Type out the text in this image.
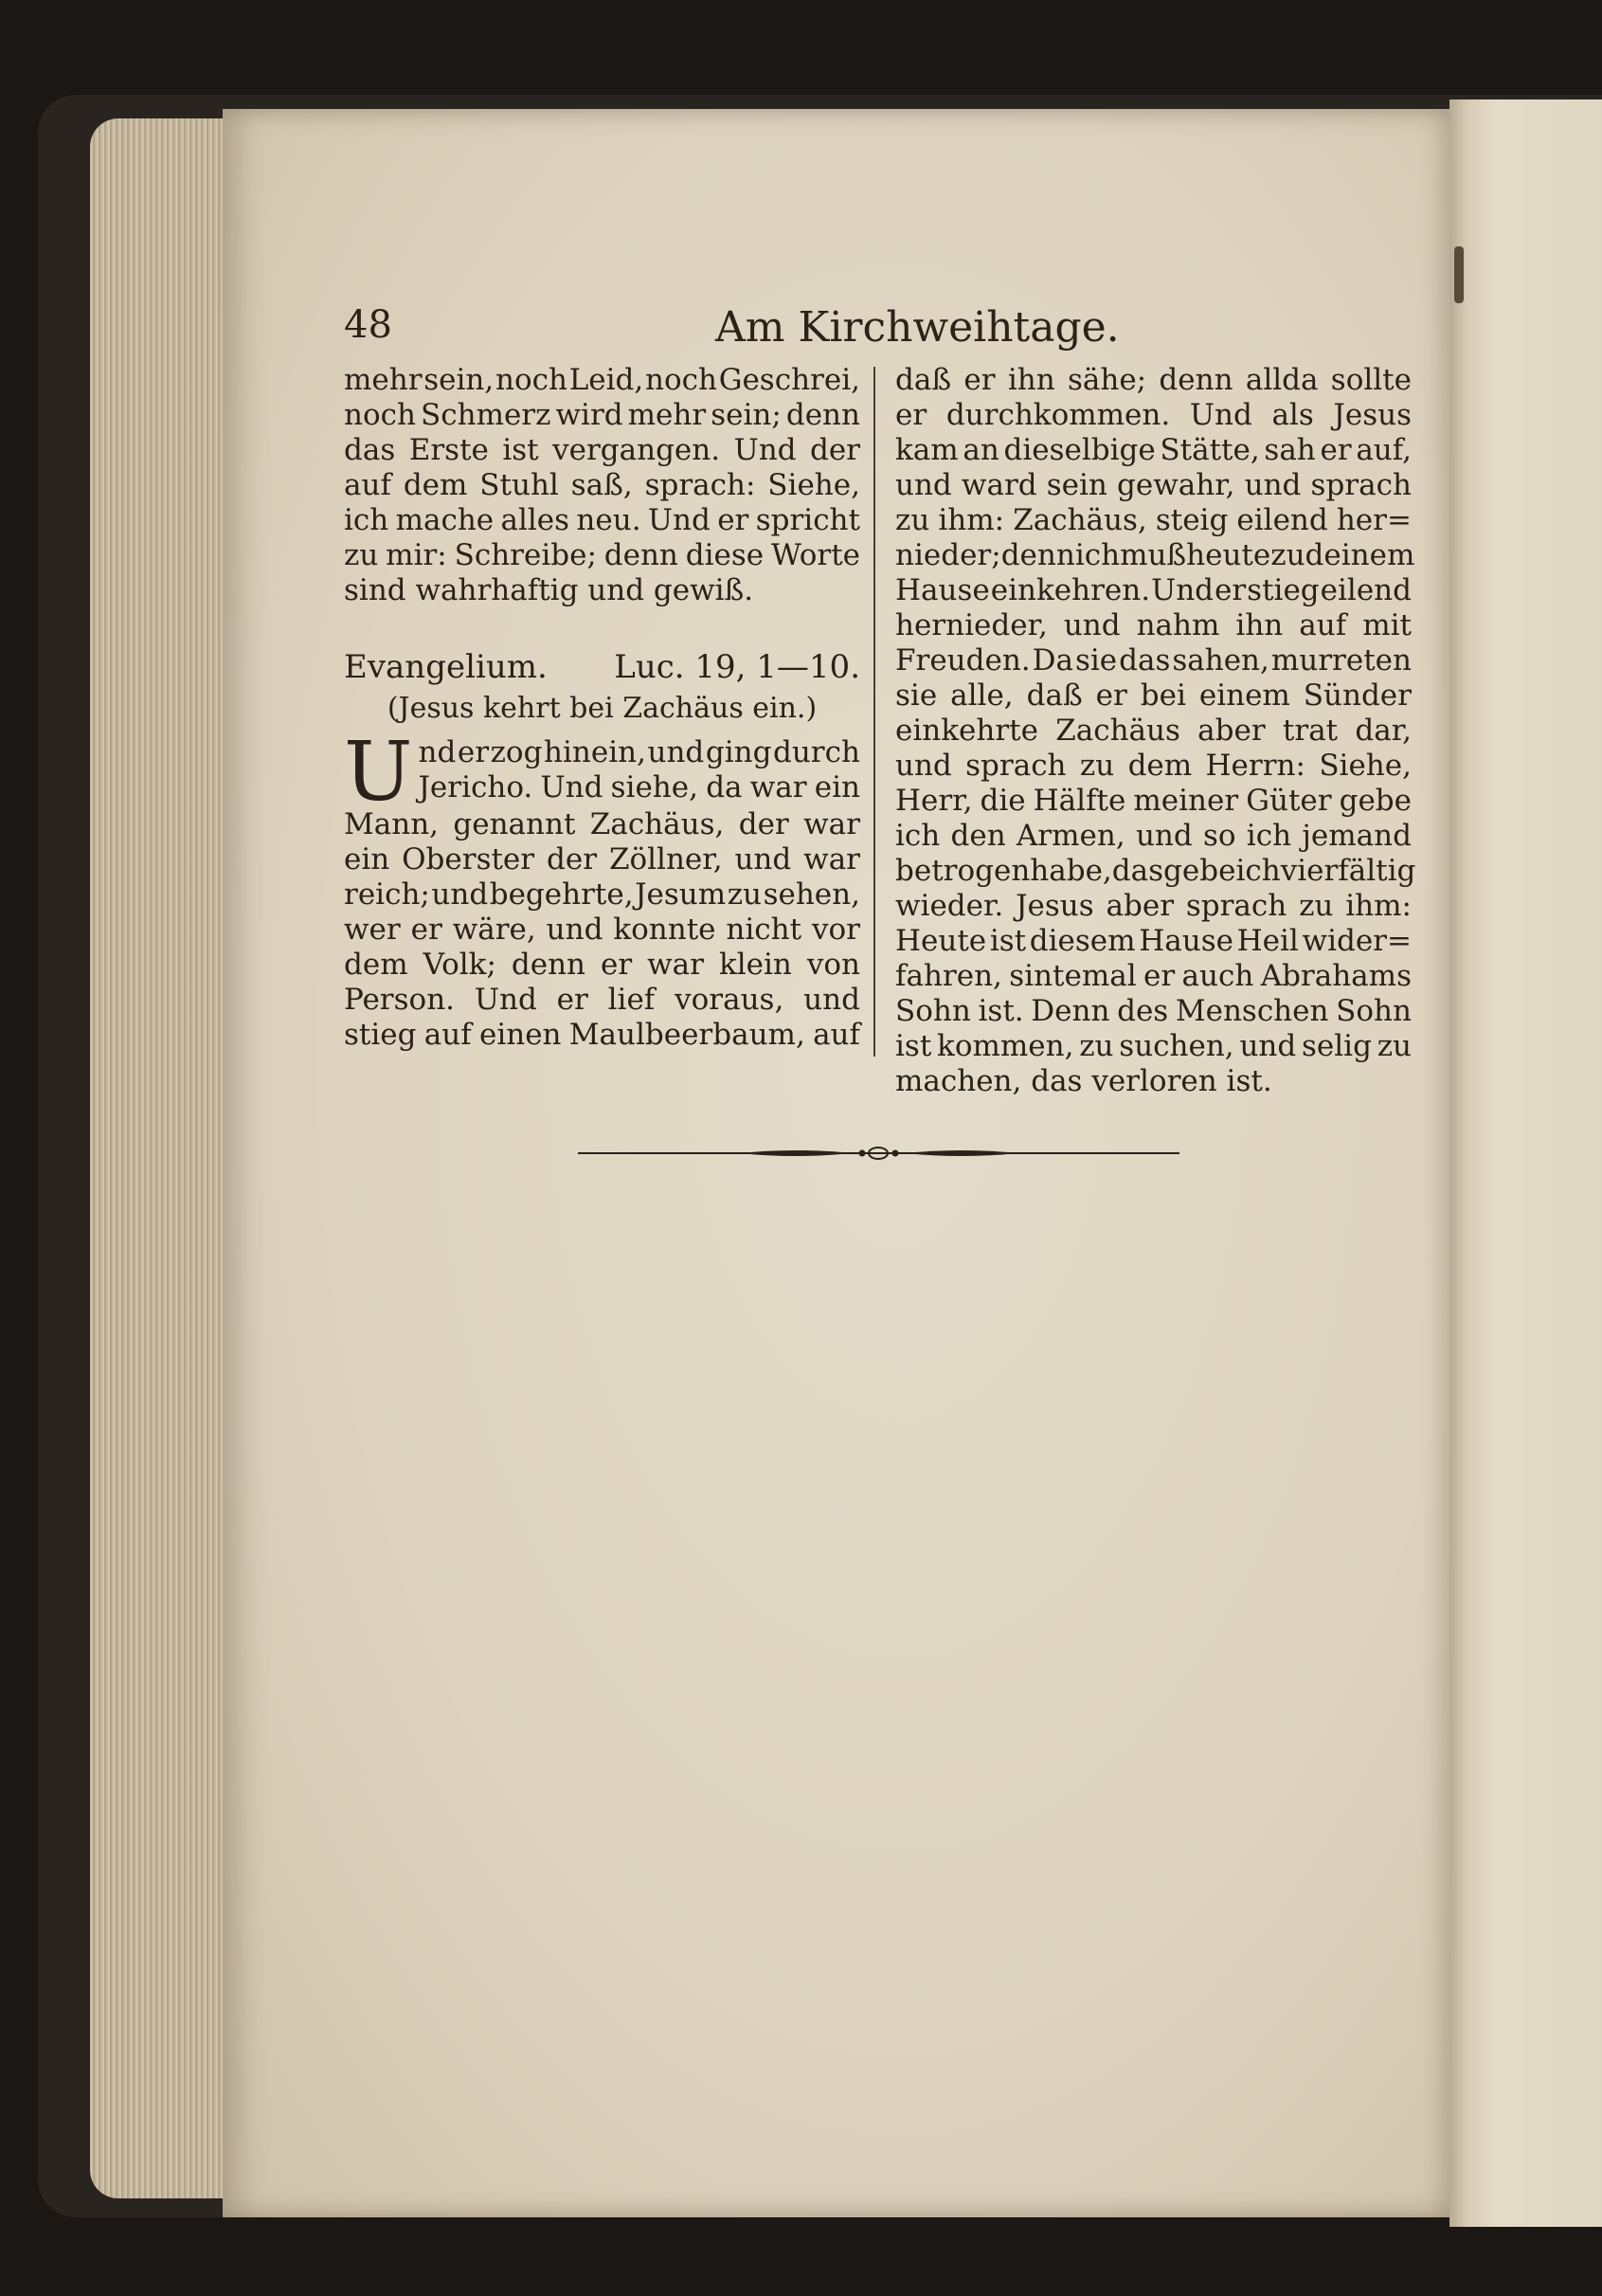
48	Am Kirchweihtage.
mehr sein, noch Leid, noch Geschrei,
noch Schmerz wird mehr sein; denn
das Erste ist vergangen. Und der
auf dem Stuhl saß, sprach: Siehe,
ich mache alles neu. Und er spricht
zu mir: Schreibe; denn diese Worte
sind wahrhaftig und gewiß.
Evangelium. Luc. 19, 1—10.
(Jesus kehrt bei Zachäus ein.)
U nd er zog hinein, und ging durch
Jericho. Und siehe, da war ein
Mann, genannt Zachäus, der war
ein Oberster der Zöllner, und war
reich; und begehrte, Jesum zu sehen,
wer er wäre, und konnte nicht vor
dem Volk; denn er war klein von
Person. Und er lief voraus, und
stieg auf einen Maulbeerbaum, auf
daß er ihn sähe; denn allda sollte
er durchkommen. Und als Jesus
kam an dieselbige Stätte, sah er auf,
und ward sein gewahr, und sprach
zu ihm: Zachäus, steig eilend her=
nieder; denn ich muß heute zu deinem
Hause einkehren. Und er stieg eilend
hernieder, und nahm ihn auf mit
Freuden. Da sie das sahen, murreten
sie alle, daß er bei einem Sünder
einkehrte Zachäus aber trat dar,
und sprach zu dem Herrn: Siehe,
Herr, die Hälfte meiner Güter gebe
ich den Armen, und so ich jemand
betrogen habe, das gebe ich vierfältig
wieder. Jesus aber sprach zu ihm:
Heute ist diesem Hause Heil wider=
fahren, sintemal er auch Abrahams
Sohn ist. Denn des Menschen Sohn
ist kommen, zu suchen, und selig zu
machen, das verloren ist.
